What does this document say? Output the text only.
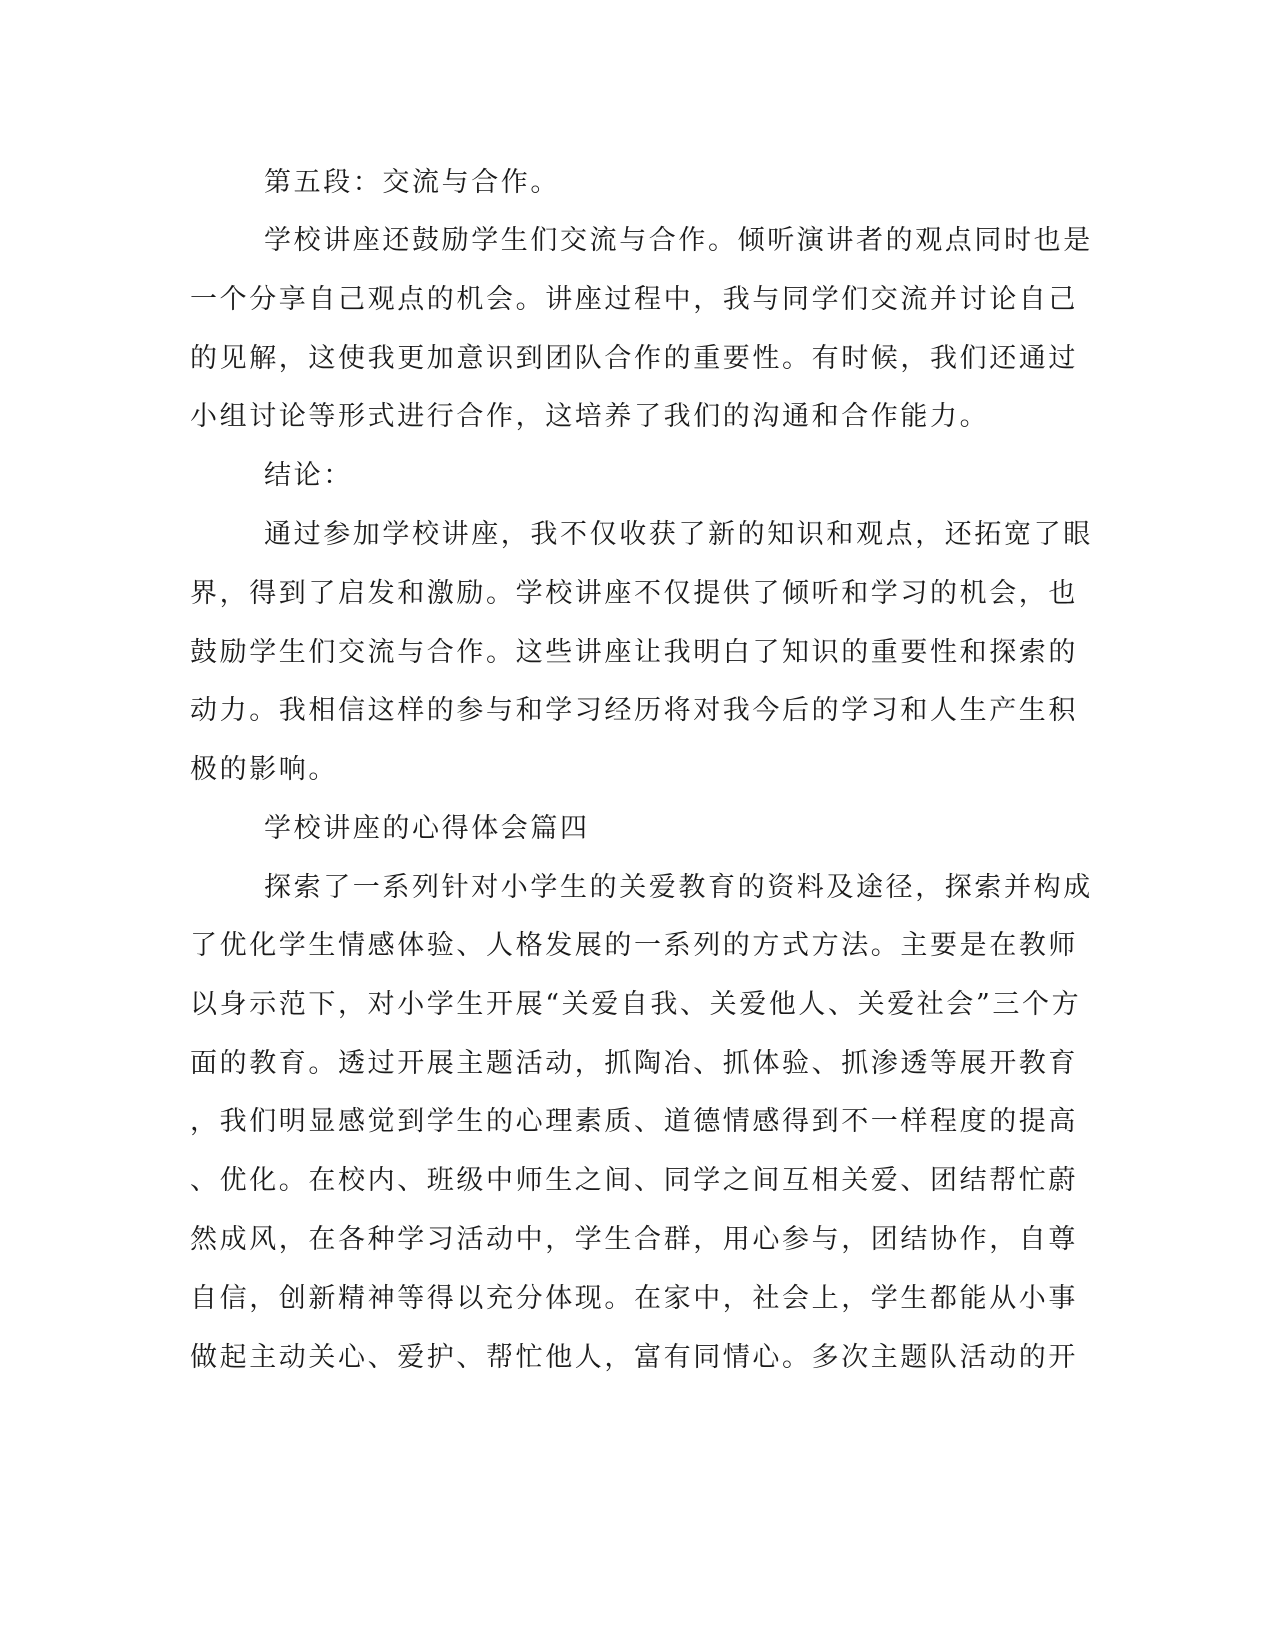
第五段：交流与合作。
学校讲座还鼓励学生们交流与合作。倾听演讲者的观点同时也是
一个分享自己观点的机会。讲座过程中，我与同学们交流并讨论自己
的见解，这使我更加意识到团队合作的重要性。有时候，我们还通过
小组讨论等形式进行合作，这培养了我们的沟通和合作能力。
结论：
通过参加学校讲座，我不仅收获了新的知识和观点，还拓宽了眼
界，得到了启发和激励。学校讲座不仅提供了倾听和学习的机会，也
鼓励学生们交流与合作。这些讲座让我明白了知识的重要性和探索的
动力。我相信这样的参与和学习经历将对我今后的学习和人生产生积
极的影响。
学校讲座的心得体会篇四
探索了一系列针对小学生的关爱教育的资料及途径，探索并构成
了优化学生情感体验、人格发展的一系列的方式方法。主要是在教师
以身示范下，对小学生开展“关爱自我、关爱他人、关爱社会”三个方
面的教育。透过开展主题活动，抓陶冶、抓体验、抓渗透等展开教育
，我们明显感觉到学生的心理素质、道德情感得到不一样程度的提高
、优化。在校内、班级中师生之间、同学之间互相关爱、团结帮忙蔚
然成风，在各种学习活动中，学生合群，用心参与，团结协作，自尊
自信，创新精神等得以充分体现。在家中，社会上，学生都能从小事
做起主动关心、爱护、帮忙他人，富有同情心。多次主题队活动的开
